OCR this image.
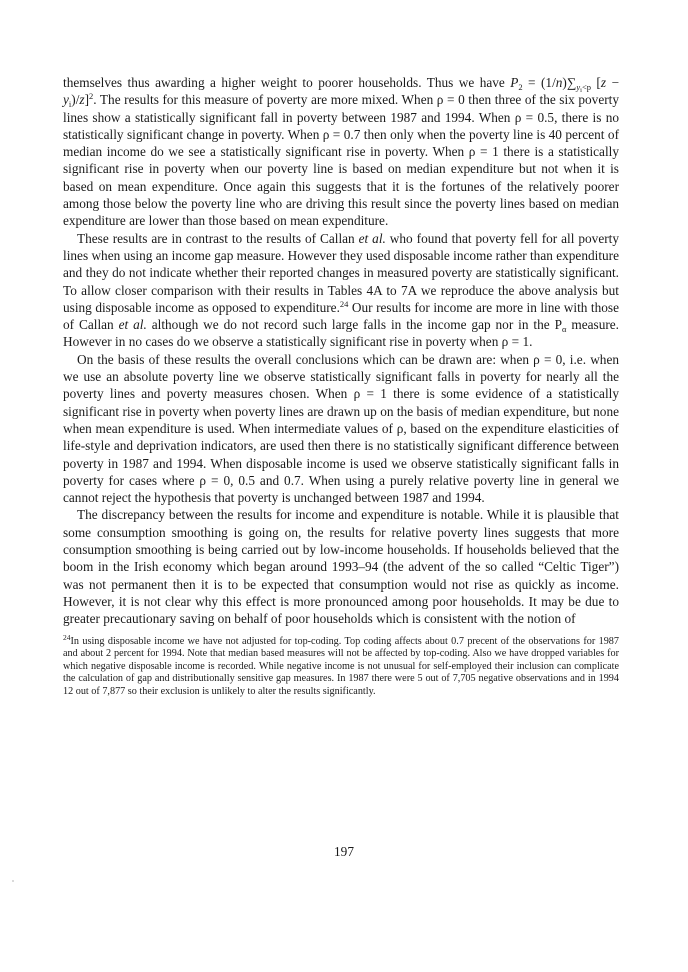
themselves thus awarding a higher weight to poorer households. Thus we have $P_2 = (1/n)\sum_{y_i<p}$ $[z - y_i)/z]^2$. The results for this measure of poverty are more mixed. When ρ = 0 then three of the six poverty lines show a statistically significant fall in poverty between 1987 and 1994. When ρ = 0.5, there is no statistically significant change in poverty. When ρ = 0.7 then only when the poverty line is 40 percent of median income do we see a statistically significant rise in poverty. When ρ = 1 there is a statistically significant rise in poverty when our poverty line is based on median expenditure but not when it is based on mean expenditure. Once again this suggests that it is the fortunes of the relatively poorer among those below the poverty line who are driving this result since the poverty lines based on median expenditure are lower than those based on mean expenditure.

These results are in contrast to the results of Callan et al. who found that poverty fell for all poverty lines when using an income gap measure. However they used disposable income rather than expenditure and they do not indicate whether their reported changes in measured poverty are statistically significant. To allow closer comparison with their results in Tables 4A to 7A we reproduce the above analysis but using disposable income as opposed to expenditure.$^{24}$ Our results for income are more in line with those of Callan et al. although we do not record such large falls in the income gap nor in the $P_\alpha$ measure. However in no cases do we observe a statistically significant rise in poverty when ρ = 1.

On the basis of these results the overall conclusions which can be drawn are: when ρ = 0, i.e. when we use an absolute poverty line we observe statistically significant falls in poverty for nearly all the poverty lines and poverty measures chosen. When ρ = 1 there is some evidence of a statistically significant rise in poverty when poverty lines are drawn up on the basis of median expenditure, but none when mean expenditure is used. When intermediate values of ρ, based on the expenditure elasticities of life-style and deprivation indicators, are used then there is no statistically significant difference between poverty in 1987 and 1994. When disposable income is used we observe statistically significant falls in poverty for cases where ρ = 0, 0.5 and 0.7. When using a purely relative poverty line in general we cannot reject the hypothesis that poverty is unchanged between 1987 and 1994.

The discrepancy between the results for income and expenditure is notable. While it is plausible that some consumption smoothing is going on, the results for relative poverty lines suggests that more consumption smoothing is being carried out by low-income households. If households believed that the boom in the Irish economy which began around 1993–94 (the advent of the so called “Celtic Tiger”) was not permanent then it is to be expected that consumption would not rise as quickly as income. However, it is not clear why this effect is more pronounced among poor households. It may be due to greater precautionary saving on behalf of poor households which is consistent with the notion of

$^{24}$In using disposable income we have not adjusted for top-coding. Top coding affects about 0.7 precent of the observations for 1987 and about 2 percent for 1994. Note that median based measures will not be affected by top-coding. Also we have dropped variables for which negative disposable income is recorded. While negative income is not unusual for self-employed their inclusion can complicate the calculation of gap and distributionally sensitive gap measures. In 1987 there were 5 out of 7,705 negative observations and in 1994 12 out of 7,877 so their exclusion is unlikely to alter the results significantly.

197
